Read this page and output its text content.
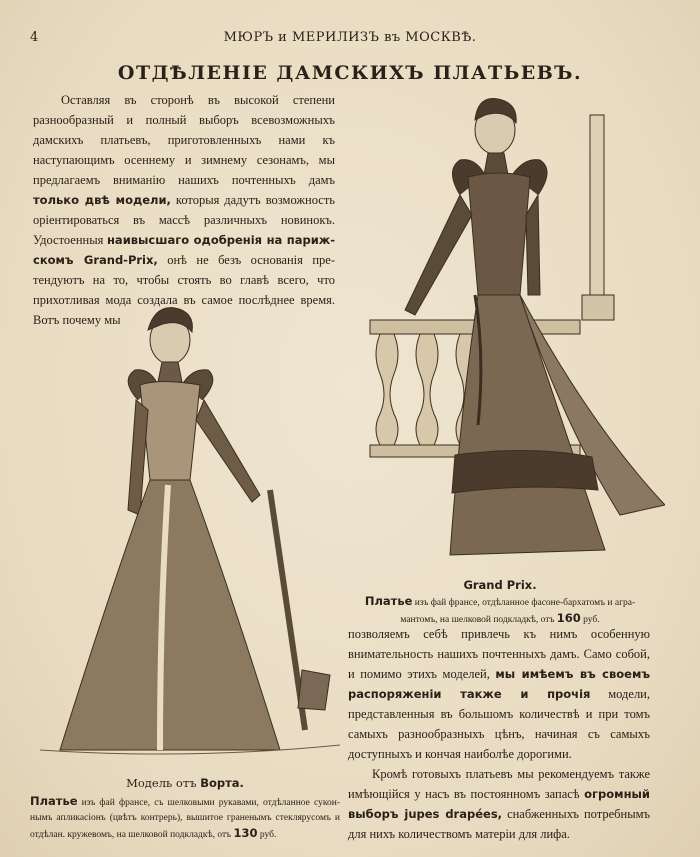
4	МЮРЪ и МЕРИЛИЗЪ въ МОСКВѢ.
ОТДѢЛЕНІЕ ДАМСКИХЪ ПЛАТЬЕВЪ.
Оставляя въ сторонѣ въ высокой степени разнообразный и полный выборъ всевозможныхъ дамскихъ платьевъ, приготовленныхъ нами къ наступающимъ осеннему и зимнему сезонамъ, мы предлагаемъ вниманію нашихъ почтенныхъ дамъ только двѣ модели, которыя дадутъ возможность оріентироваться въ массѣ различныхъ новинокъ. Удостоенныя наивысшаго одобренія на парижскомъ Grand-Prix, онѣ не безъ основанія претендуютъ на то, чтобы стоять во главѣ всего, что прихотливая мода создала въ самое послѣднее время. Вотъ почему мы
Grand Prix.
Платье изъ фай франсе, отдѣланное фасоне-бархатомъ и аграмантомъ, на шелковой подкладкѣ, отъ 160 руб.
позволяемъ себѣ привлечь къ нимъ особенную внимательность нашихъ почтенныхъ дамъ. Само собой, и помимо этихъ моделей, мы имѣемъ въ своемъ распоряженіи также и прочія модели, представленныя въ большомъ количествѣ и при томъ самыхъ разнообразныхъ цѣнъ, начиная съ самыхъ доступныхъ и кончая наиболѣе дорогими.
Кромѣ готовыхъ платьевъ мы рекомендуемъ также имѣющійся у насъ въ постоянномъ запасѣ огромный выборъ jupes drapées, снабженныхъ потребнымъ для нихъ количествомъ матеріи для лифа.
Модель отъ Ворта.
Платье изъ фай франсе, съ шелковыми рукавами, отдѣланное суконнымъ апликасіонъ (цвѣтъ контрерь), вышитое граненымъ стеклярусомъ и отдѣлан. кружевомъ, на шелковой подкладкѣ, отъ 130 руб.
